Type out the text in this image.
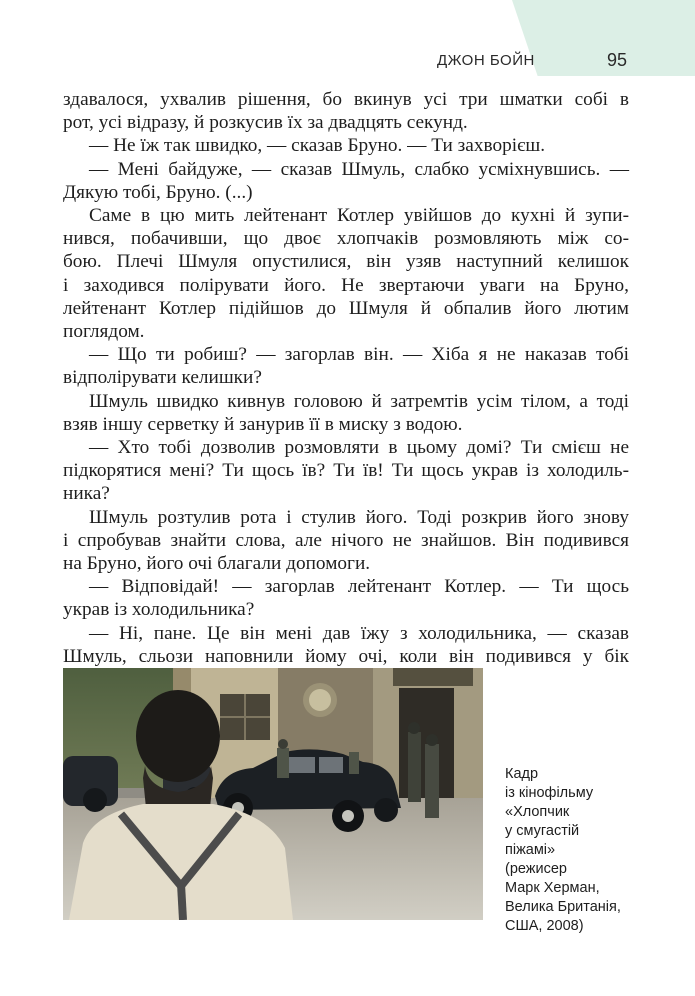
ДЖОН БОЙН	95

здавалося, ухвалив рішення, бо вкинув усі три шматки собі в

рот, усі відразу, й розкусив їх за двадцять секунд.

— Не їж так швидко, — сказав Бруно. — Ти захворієш.

— Мені байдуже, — сказав Шмуль, слабко усміхнувшись. —

Дякую тобі, Бруно. (...)

Саме в цю мить лейтенант Котлер увійшов до кухні й зупи-

нився, побачивши, що двоє хлопчаків розмовляють між со-

бою. Плечі Шмуля опустилися, він узяв наступний келишок

і заходився полірувати його. Не звертаючи уваги на Бруно,

лейтенант Котлер підійшов до Шмуля й обпалив його лютим

поглядом.

— Що ти робиш? — загорлав він. — Хіба я не наказав тобі

відполірувати келишки?

Шмуль швидко кивнув головою й затремтів усім тілом, а тоді

взяв іншу серветку й занурив її в миску з водою.

— Хто тобі дозволив розмовляти в цьому домі? Ти смієш не

підкорятися мені? Ти щось їв? Ти їв! Ти щось украв із холодиль-

ника?

Шмуль розтулив рота і стулив його. Тоді розкрив його знову

і спробував знайти слова, але нічого не знайшов. Він подивився

на Бруно, його очі благали допомоги.

— Відповідай! — загорлав лейтенант Котлер. — Ти щось

украв із холодильника?

— Ні, пане. Це він мені дав їжу з холодильника, — сказав

Шмуль, сльози наповнили йому очі, коли він подивився у бік

Кадр
із кінофільму
«Хлопчик
у смугастій
піжамі»
(режисер
Марк Херман,
Велика Британія,
США, 2008)
